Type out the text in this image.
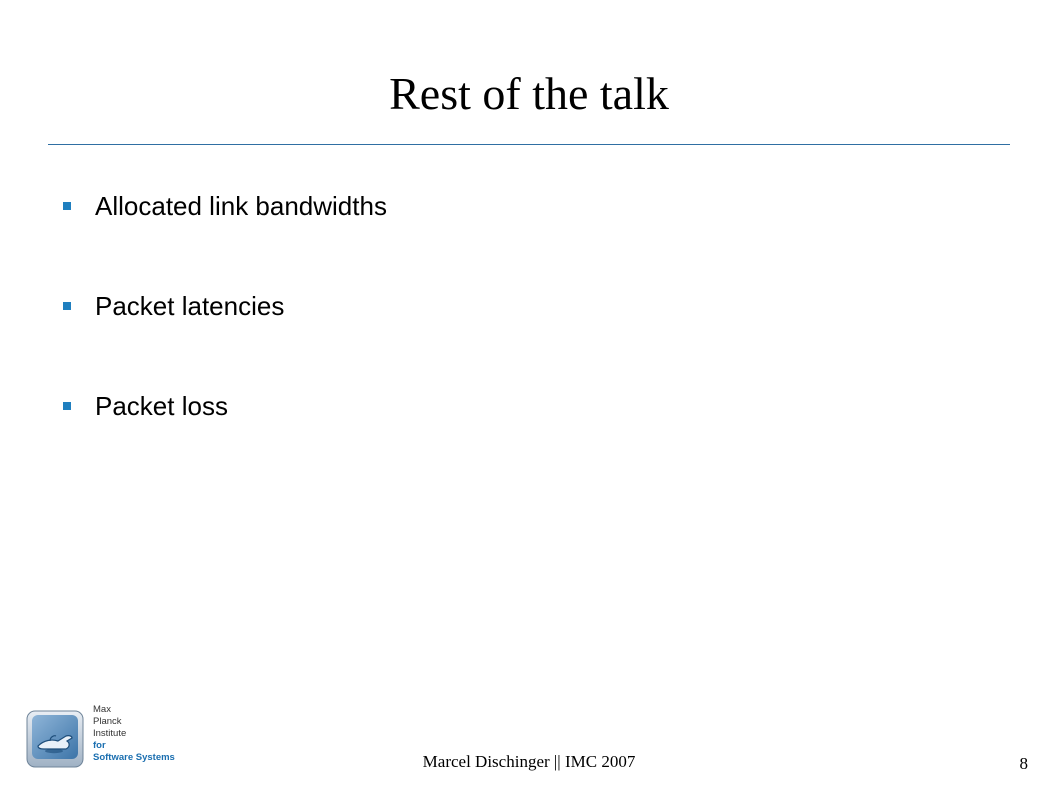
Rest of the talk
Allocated link bandwidths
Packet latencies
Packet loss
Max
Planck
Institute
for
Software Systems	Marcel Dischinger || IMC 2007	8
